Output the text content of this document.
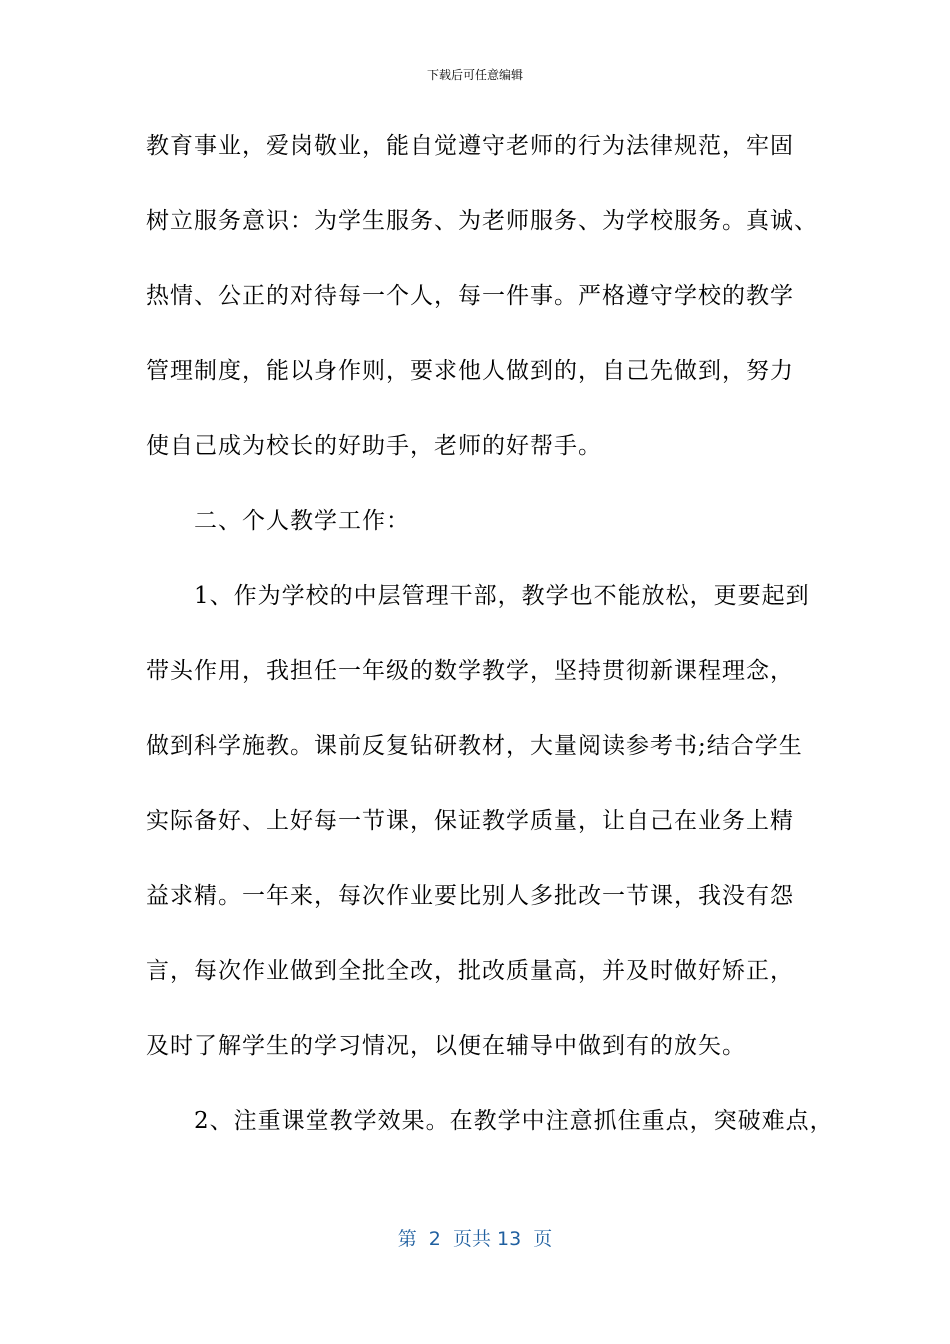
下载后可任意编辑
教育事业，爱岗敬业，能自觉遵守老师的行为法律规范，牢固
树立服务意识：为学生服务、为老师服务、为学校服务。真诚、
热情、公正的对待每一个人，每一件事。严格遵守学校的教学
管理制度，能以身作则，要求他人做到的，自己先做到，努力
使自己成为校长的好助手，老师的好帮手。
　　二、个人教学工作：
　　1、作为学校的中层管理干部，教学也不能放松，更要起到
带头作用，我担任一年级的数学教学，坚持贯彻新课程理念，
做到科学施教。课前反复钻研教材，大量阅读参考书;结合学生
实际备好、上好每一节课，保证教学质量，让自己在业务上精
益求精。一年来，每次作业要比别人多批改一节课，我没有怨
言，每次作业做到全批全改，批改质量高，并及时做好矫正，
及时了解学生的学习情况，以便在辅导中做到有的放矢。
　　2、注重课堂教学效果。在教学中注意抓住重点，突破难点，
第  2  页共 13  页
